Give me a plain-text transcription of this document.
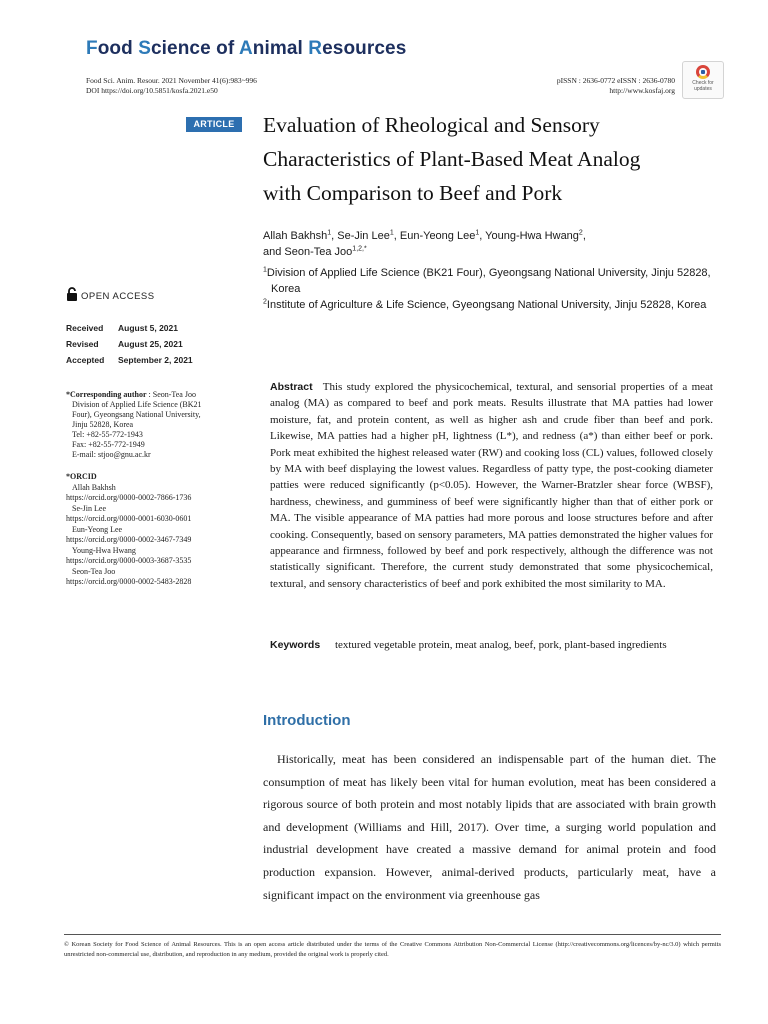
Food Science of Animal Resources
Food Sci. Anim. Resour. 2021 November 41(6):983~996
DOI https://doi.org/10.5851/kosfa.2021.e50
pISSN : 2636-0772 eISSN : 2636-0780
http://www.kosfaj.org
Check for
updates
ARTICLE	Evaluation of Rheological and Sensory
Characteristics of Plant-Based Meat Analog
with Comparison to Beef and Pork
Allah Bakhsh$^1$, Se-Jin Lee$^1$, Eun-Yeong Lee$^1$, Young-Hwa Hwang$^2$,
and Seon-Tea Joo$^{1,2,*}$
$^1$Division of Applied Life Science (BK21 Four), Gyeongsang National University, Jinju 52828, Korea
$^2$Institute of Agriculture & Life Science, Gyeongsang National University, Jinju 52828, Korea
OPEN ACCESS
Received August 5, 2021
Revised August 25, 2021
Accepted September 2, 2021
*Corresponding author : Seon-Tea Joo
Division of Applied Life Science (BK21
Four), Gyeongsang National University,
Jinju 52828, Korea
Tel: +82-55-772-1943
Fax: +82-55-772-1949
E-mail: stjoo@gnu.ac.kr
*ORCID
Allah Bakhsh
https://orcid.org/0000-0002-7866-1736
Se-Jin Lee
https://orcid.org/0000-0001-6030-0601
Eun-Yeong Lee
https://orcid.org/0000-0002-3467-7349
Young-Hwa Hwang
https://orcid.org/0000-0003-3687-3535
Seon-Tea Joo
https://orcid.org/0000-0002-5483-2828
Abstract This study explored the physicochemical, textural, and sensorial properties of a meat analog (MA) as compared to beef and pork meats. Results illustrate that MA patties had lower moisture, fat, and protein content, as well as higher ash and crude fiber than beef and pork. Likewise, MA patties had a higher pH, lightness (L*), and redness (a*) than either beef or pork. Pork meat exhibited the highest released water (RW) and cooking loss (CL) values, followed closely by MA with beef displaying the lowest values. Regardless of patty type, the post-cooking diameter patties were reduced significantly (p<0.05). However, the Warner-Bratzler shear force (WBSF), hardness, chewiness, and gumminess of beef were significantly higher than that of either pork or MA. The visible appearance of MA patties had more porous and loose structures before and after cooking. Consequently, based on sensory parameters, MA patties demonstrated the higher values for appearance and firmness, followed by beef and pork respectively, although the difference was not statistically significant. Therefore, the current study demonstrated that some physicochemical, textural, and sensory characteristics of beef and pork exhibited the most similarity to MA.
Keywords textured vegetable protein, meat analog, beef, pork, plant-based ingredients
Introduction
Historically, meat has been considered an indispensable part of the human diet. The consumption of meat has likely been vital for human evolution, meat has been considered a rigorous source of both protein and most notably lipids that are associated with brain growth and development (Williams and Hill, 2017). Over time, a surging world population and industrial development have created a massive demand for animal protein and food production expansion. However, animal-derived products, particularly meat, have a significant impact on the environment via greenhouse gas
© Korean Society for Food Science of Animal Resources. This is an open access article distributed under the terms of the Creative Commons Attribution Non-Commercial License (http://creativecommons.org/licences/by-nc/3.0) which permits unrestricted non-commercial use, distribution, and reproduction in any medium, provided the original work is properly cited.
